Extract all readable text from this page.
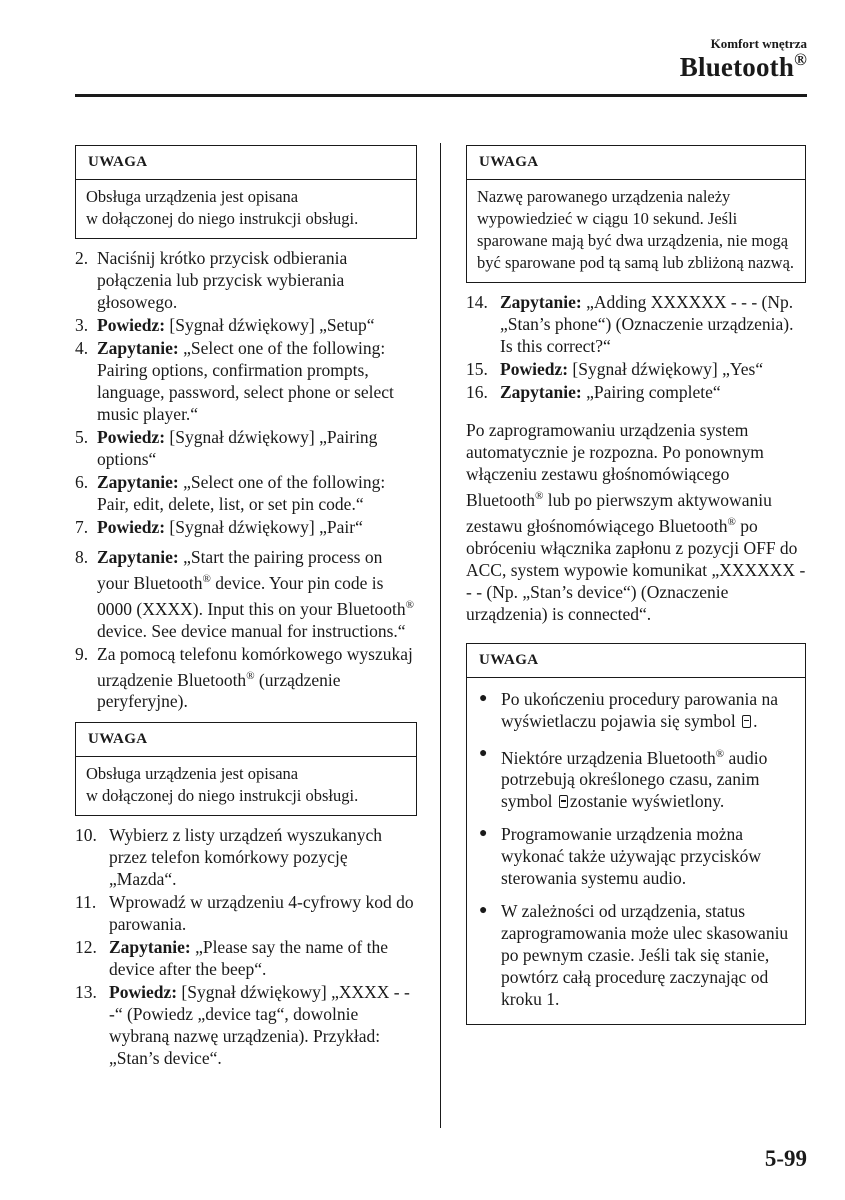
Komfort wnętrza
Bluetooth®
UWAGA
Obsługa urządzenia jest opisana
w dołączonej do niego instrukcji obsługi.
2. Naciśnij krótko przycisk odbierania połączenia lub przycisk wybierania głosowego.
3. Powiedz: [Sygnał dźwiękowy] „Setup“
4. Zapytanie: „Select one of the following: Pairing options, confirmation prompts, language, password, select phone or select music player.“
5. Powiedz: [Sygnał dźwiękowy] „Pairing options“
6. Zapytanie: „Select one of the following: Pair, edit, delete, list, or set pin code.“
7. Powiedz: [Sygnał dźwiękowy] „Pair“
8. Zapytanie: „Start the pairing process on your Bluetooth® device. Your pin code is 0000 (XXXX). Input this on your Bluetooth® device. See device manual for instructions.“
9. Za pomocą telefonu komórkowego wyszukaj urządzenie Bluetooth® (urządzenie peryferyjne).
UWAGA
Obsługa urządzenia jest opisana
w dołączonej do niego instrukcji obsługi.
10. Wybierz z listy urządzeń wyszukanych przez telefon komórkowy pozycję „Mazda“.
11. Wprowadź w urządzeniu 4-cyfrowy kod do parowania.
12. Zapytanie: „Please say the name of the device after the beep“.
13. Powiedz: [Sygnał dźwiękowy] „XXXX - - -“ (Powiedz „device tag“, dowolnie wybraną nazwę urządzenia). Przykład: „Stan’s device“.
UWAGA
Nazwę parowanego urządzenia należy wypowiedzieć w ciągu 10 sekund. Jeśli sparowane mają być dwa urządzenia, nie mogą być sparowane pod tą samą lub zbliżoną nazwą.
14. Zapytanie: „Adding XXXXXX - - - (Np. „Stan’s phone“) (Oznaczenie urządzenia). Is this correct?“
15. Powiedz: [Sygnał dźwiękowy] „Yes“
16. Zapytanie: „Pairing complete“
Po zaprogramowaniu urządzenia system automatycznie je rozpozna. Po ponownym włączeniu zestawu głośnomówiącego Bluetooth® lub po pierwszym aktywowaniu zestawu głośnomówiącego Bluetooth® po obróceniu włącznika zapłonu z pozycji OFF do ACC, system wypowie komunikat „XXXXXX - - - (Np. „Stan’s device“) (Oznaczenie urządzenia) is connected“.
UWAGA
● Po ukończeniu procedury parowania na wyświetlaczu pojawia się symbol .
● Niektóre urządzenia Bluetooth® audio potrzebują określonego czasu, zanim symbol zostanie wyświetlony.
● Programowanie urządzenia można wykonać także używając przycisków sterowania systemu audio.
● W zależności od urządzenia, status zaprogramowania może ulec skasowaniu po pewnym czasie. Jeśli tak się stanie, powtórz całą procedurę zaczynając od kroku 1.
5-99
